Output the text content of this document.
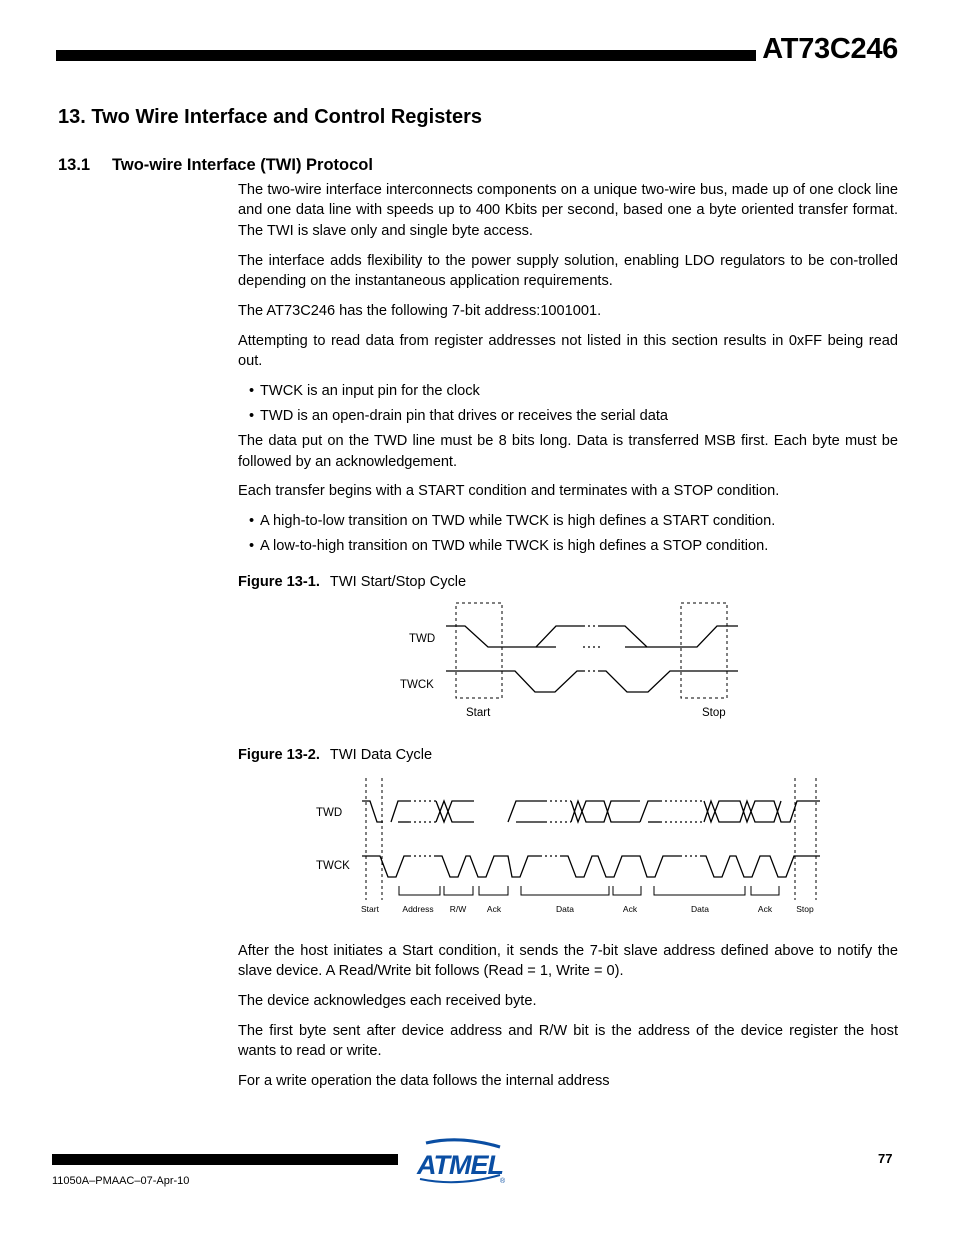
AT73C246
13. Two Wire Interface and Control Registers
13.1 Two-wire Interface (TWI) Protocol

The two-wire interface interconnects components on a unique two-wire bus, made up of one clock line and one data line with speeds up to 400 Kbits per second, based one a byte oriented transfer format. The TWI is slave only and single byte access.

The interface adds flexibility to the power supply solution, enabling LDO regulators to be con-trolled depending on the instantaneous application requirements.

The AT73C246 has the following 7-bit address:1001001.

Attempting to read data from register addresses not listed in this section results in 0xFF being read out.

• TWCK is an input pin for the clock
• TWD is an open-drain pin that drives or receives the serial data

The data put on the TWD line must be 8 bits long. Data is transferred MSB first. Each byte must be followed by an acknowledgement.

Each transfer begins with a START condition and terminates with a STOP condition.

• A high-to-low transition on TWD while TWCK is high defines a START condition.
• A low-to-high transition on TWD while TWCK is high defines a STOP condition.
Figure 13-1. TWI Start/Stop Cycle
TWD
TWCK
Start	Stop
Figure 13-2. TWI Data Cycle
TWD
TWCK
Start	Address R/W Ack	Data	Ack	Data	Ack	Stop

After the host initiates a Start condition, it sends the 7-bit slave address defined above to notify the slave device. A Read/Write bit follows (Read = 1, Write = 0).

The device acknowledges each received byte.

The first byte sent after device address and R/W bit is the address of the device register the host wants to read or write.

For a write operation the data follows the internal address

ATMEL
®
77
11050A–PMAAC–07-Apr-10
